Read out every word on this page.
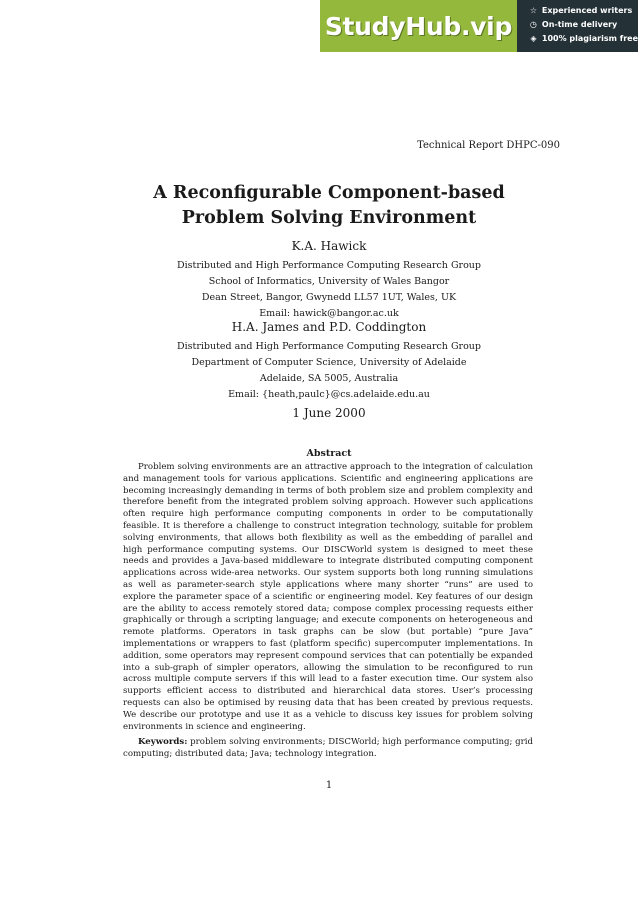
StudyHub.vip
☆ Experienced writers
◷ On-time delivery
◈ 100% plagiarism free
Technical Report DHPC-090
A Reconfigurable Component-based
Problem Solving Environment
K.A. Hawick
Distributed and High Performance Computing Research Group
School of Informatics, University of Wales Bangor
Dean Street, Bangor, Gwynedd LL57 1UT, Wales, UK
Email: hawick@bangor.ac.uk
H.A. James and P.D. Coddington
Distributed and High Performance Computing Research Group
Department of Computer Science, University of Adelaide
Adelaide, SA 5005, Australia
Email: {heath,paulc}@cs.adelaide.edu.au
1 June 2000
Abstract

Problem solving environments are an attractive approach to the integration of calculation and management tools for various applications. Scientific and engineering applications are becoming increasingly demanding in terms of both problem size and problem complexity and therefore benefit from the integrated problem solving approach. However such applications often require high performance computing components in order to be computationally feasible. It is therefore a challenge to construct integration technology, suitable for problem solving environments, that allows both flexibility as well as the embedding of parallel and high performance computing systems. Our DISCWorld system is designed to meet these needs and provides a Java-based middleware to integrate distributed computing component applications across wide-area networks. Our system supports both long running simulations as well as parameter-search style applications where many shorter “runs” are used to explore the parameter space of a scientific or engineering model. Key features of our design are the ability to access remotely stored data; compose complex processing requests either graphically or through a scripting language; and execute components on heterogeneous and remote platforms. Operators in task graphs can be slow (but portable) “pure Java” implementations or wrappers to fast (platform specific) supercomputer implementations. In addition, some operators may represent compound services that can potentially be expanded into a sub-graph of simpler operators, allowing the simulation to be reconfigured to run across multiple compute servers if this will lead to a faster execution time. Our system also supports efficient access to distributed and hierarchical data stores. User’s processing requests can also be optimised by reusing data that has been created by previous requests. We describe our prototype and use it as a vehicle to discuss key issues for problem solving environments in science and engineering.

Keywords: problem solving environments; DISCWorld; high performance computing; grid computing; distributed data; Java; technology integration.

1
